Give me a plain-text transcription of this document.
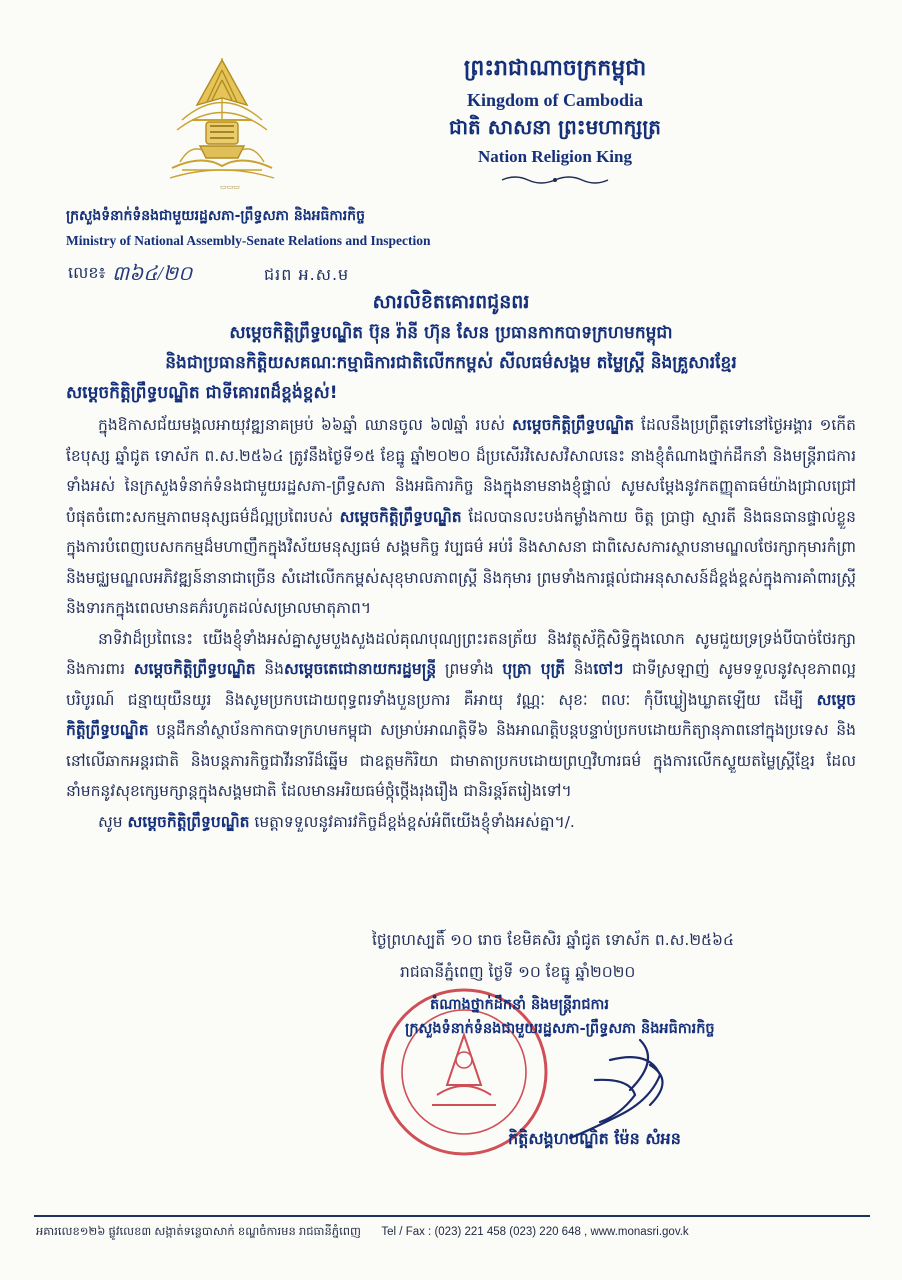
▭▭▭
ព្រះរាជាណាចក្រកម្ពុជា
Kingdom of Cambodia
ជាតិ សាសនា ព្រះមហាក្សត្រ
Nation Religion King
ក្រសួងទំនាក់ទំនងជាមួយរដ្ឋសភា-ព្រឹទ្ធសភា និងអធិការកិច្ច
Ministry of National Assembly-Senate Relations and Inspection
លេខ៖ ៣៦៤/២០	ជរព អ.ស.ម
សារលិខិតគោរពជូនពរ
សម្តេចកិត្តិព្រឹទ្ធបណ្ឌិត ប៊ុន រ៉ានី ហ៊ុន សែន ប្រធានកាកបាទក្រហមកម្ពុជា
និងជាប្រធានកិត្តិយសគណៈកម្មាធិការជាតិលើកកម្ពស់ សីលធម៌សង្គម តម្លៃស្ត្រី និងគ្រួសារខ្មែរ
សម្តេចកិត្តិព្រឹទ្ធបណ្ឌិត ជាទីគោរពដ៏ខ្ពង់ខ្ពស់!

ក្នុងឱកាសជ័យមង្គលអាយុវឌ្ឍនាគម្រប់ ៦៦ឆ្នាំ ឈានចូល ៦៧ឆ្នាំ របស់ សម្តេចកិត្តិព្រឹទ្ធបណ្ឌិត ដែលនឹងប្រព្រឹត្តទៅនៅថ្ងៃអង្គារ ១កើត ខែបុស្ស ឆ្នាំជូត ទោស័ក ព.ស.២៥៦៤ ត្រូវនឹងថ្ងៃទី១៥ ខែធ្នូ ឆ្នាំ២០២០ ដ៏ប្រសើរវិសេសវិសាលនេះ នាងខ្ញុំតំណាងថ្នាក់ដឹកនាំ និងមន្ត្រីរាជការទាំងអស់ នៃក្រសួងទំនាក់ទំនងជាមួយរដ្ឋសភា-ព្រឹទ្ធសភា និងអធិការកិច្ច និងក្នុងនាមនាងខ្ញុំផ្ទាល់ សូមសម្តែងនូវកតញ្ញុតាធម៌យ៉ាងជ្រាលជ្រៅបំផុតចំពោះសកម្មភាពមនុស្សធម៌ដ៏ល្អប្រពៃរបស់ សម្តេចកិត្តិព្រឹទ្ធបណ្ឌិត ដែលបានលះបង់កម្លាំងកាយ ចិត្ត ប្រាជ្ញា ស្មារតី និងធនធានផ្ទាល់ខ្លួន ក្នុងការបំពេញបេសកកម្មដ៏មហាញឹកក្នុងវិស័យមនុស្សធម៌ សង្គមកិច្ច វប្បធម៌ អប់រំ និងសាសនា ជាពិសេសការស្ថាបនាមណ្ឌលថែរក្សាកុមារកំព្រា និងមជ្ឈមណ្ឌលអភិវឌ្ឍន៍នានាជាច្រើន សំដៅលើកកម្ពស់សុខុមាលភាពស្ត្រី និងកុមារ ព្រមទាំងការផ្តល់ជាអនុសាសន៍ដ៏ខ្ពង់ខ្ពស់ក្នុងការគាំពារស្ត្រី និងទារកក្នុងពេលមានគភ៌រហូតដល់សម្រាលមាតុភាព។

នាទិវាដ៏ប្រពៃនេះ យើងខ្ញុំទាំងអស់គ្នាសូមបួងសួងដល់គុណបុណ្យព្រះរតនត្រ័យ និងវត្ថុស័ក្តិសិទ្ធិក្នុងលោក សូមជួយទ្រទ្រង់បីបាច់ថែរក្សា និងការពារ សម្តេចកិត្តិព្រឹទ្ធបណ្ឌិត និងសម្តេចតេជោនាយករដ្ឋមន្ត្រី ព្រមទាំង បុត្រា បុត្រី និងចៅៗ ជាទីស្រឡាញ់ សូមទទួលនូវសុខភាពល្អបរិបូរណ៍ ជន្មាយុយឺនយូរ និងសូមប្រកបដោយពុទ្ធពរទាំងបួនប្រការ គឺអាយុ វណ្ណៈ សុខៈ ពលៈ កុំបីឃ្លៀងឃ្លាតឡើយ ដើម្បី សម្តេចកិត្តិព្រឹទ្ធបណ្ឌិត បន្តដឹកនាំស្ថាប័នកាកបាទក្រហមកម្ពុជា សម្រាប់អាណត្តិទី៦ និងអាណត្តិបន្តបន្ទាប់ប្រកបដោយកិត្យានុភាពនៅក្នុងប្រទេស និងនៅលើឆាកអន្តរជាតិ និងបន្តភារកិច្ចជាវីរនារីដ៏ឆ្នើម ជាឧត្តមកិរិយា ជាមាតាប្រកបដោយព្រហ្មវិហារធម៌ ក្នុងការលើកស្ទួយតម្លៃស្ត្រីខ្មែរ ដែលនាំមកនូវសុខក្សេមក្សាន្តក្នុងសង្គមជាតិ ដែលមានអរិយធម៌ថ្កុំថ្កើងរុងរឿង ជានិរន្តរ៍តរៀងទៅ។

សូម សម្តេចកិត្តិព្រឹទ្ធបណ្ឌិត មេត្តាទទួលនូវគារវកិច្ចដ៏ខ្ពង់ខ្ពស់អំពីយើងខ្ញុំទាំងអស់គ្នា។/.

ថ្ងៃព្រហស្បតិ៍ ១០ រោច ខែមិគសិរ ឆ្នាំជូត ទោស័ក ព.ស.២៥៦៤
រាជធានីភ្នំពេញ ថ្ងៃទី ១០ ខែធ្នូ ឆ្នាំ២០២០
តំណាងថ្នាក់ដឹកនាំ និងមន្ត្រីរាជការ
ក្រសួងទំនាក់ទំនងជាមួយរដ្ឋសភា-ព្រឹទ្ធសភា និងអធិការកិច្ច
កិត្តិសង្គហបណ្ឌិត ម៉ែន សំអន
អគារលេខ១២៦ ផ្លូវលេខ៣ សង្កាត់ទន្លេបាសាក់ ខណ្ឌចំការមន រាជធានីភ្នំពេញ Tel / Fax : (023) 221 458 (023) 220 648 , www.monasri.gov.k
